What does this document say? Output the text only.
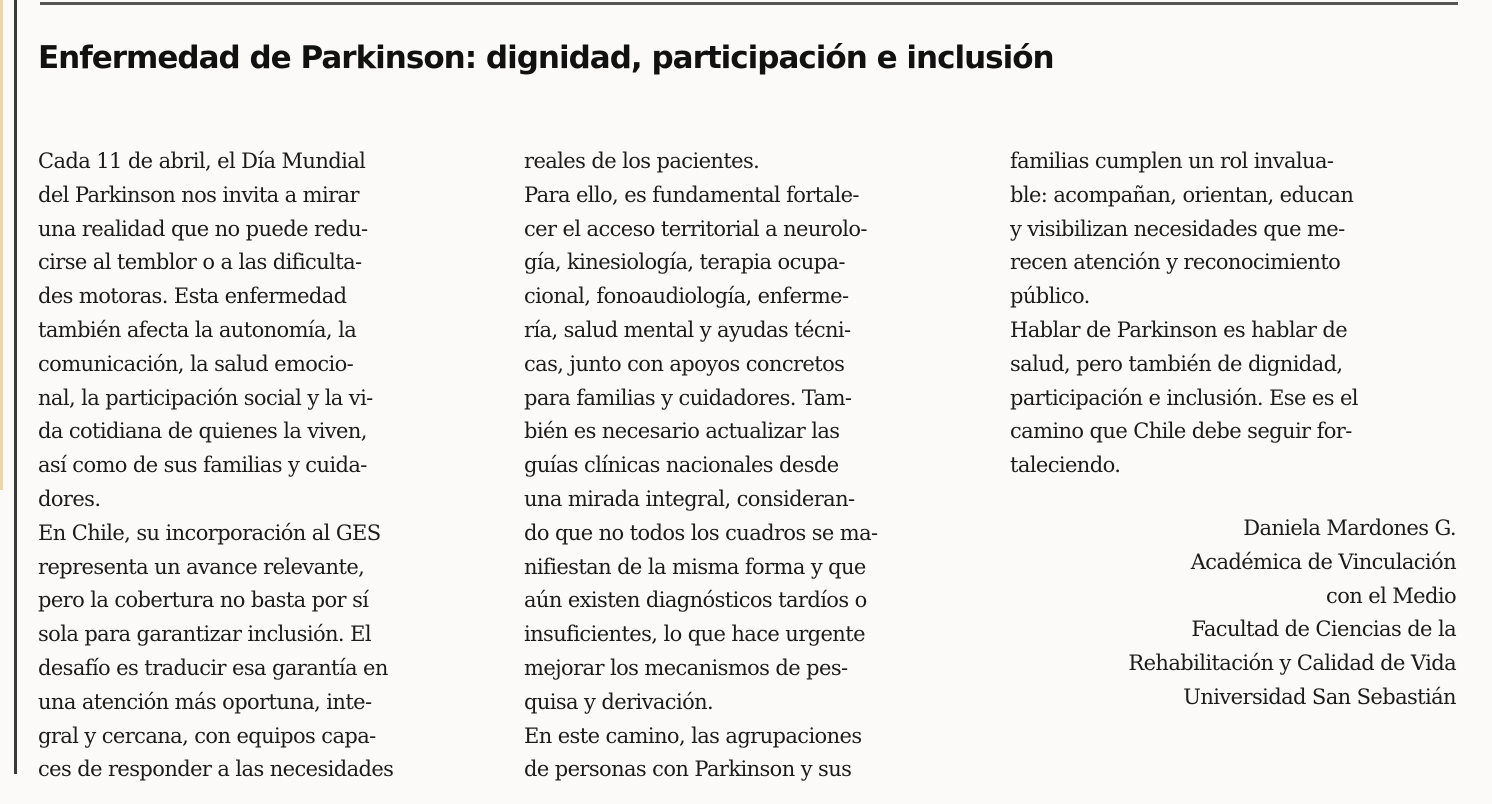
Enfermedad de Parkinson: dignidad, participación e inclusión
Cada 11 de abril, el Día Mundial
del Parkinson nos invita a mirar
una realidad que no puede redu-
cirse al temblor o a las dificulta-
des motoras. Esta enfermedad
también afecta la autonomía, la
comunicación, la salud emocio-
nal, la participación social y la vi-
da cotidiana de quienes la viven,
así como de sus familias y cuida-
dores.
En Chile, su incorporación al GES
representa un avance relevante,
pero la cobertura no basta por sí
sola para garantizar inclusión. El
desafío es traducir esa garantía en
una atención más oportuna, inte-
gral y cercana, con equipos capa-
ces de responder a las necesidades
reales de los pacientes.
Para ello, es fundamental fortale-
cer el acceso territorial a neurolo-
gía, kinesiología, terapia ocupa-
cional, fonoaudiología, enferme-
ría, salud mental y ayudas técni-
cas, junto con apoyos concretos
para familias y cuidadores. Tam-
bién es necesario actualizar las
guías clínicas nacionales desde
una mirada integral, consideran-
do que no todos los cuadros se ma-
nifiestan de la misma forma y que
aún existen diagnósticos tardíos o
insuficientes, lo que hace urgente
mejorar los mecanismos de pes-
quisa y derivación.
En este camino, las agrupaciones
de personas con Parkinson y sus
familias cumplen un rol invalua-
ble: acompañan, orientan, educan
y visibilizan necesidades que me-
recen atención y reconocimiento
público.
Hablar de Parkinson es hablar de
salud, pero también de dignidad,
participación e inclusión. Ese es el
camino que Chile debe seguir for-
taleciendo.
Daniela Mardones G.
Académica de Vinculación
con el Medio
Facultad de Ciencias de la
Rehabilitación y Calidad de Vida
Universidad San Sebastián
